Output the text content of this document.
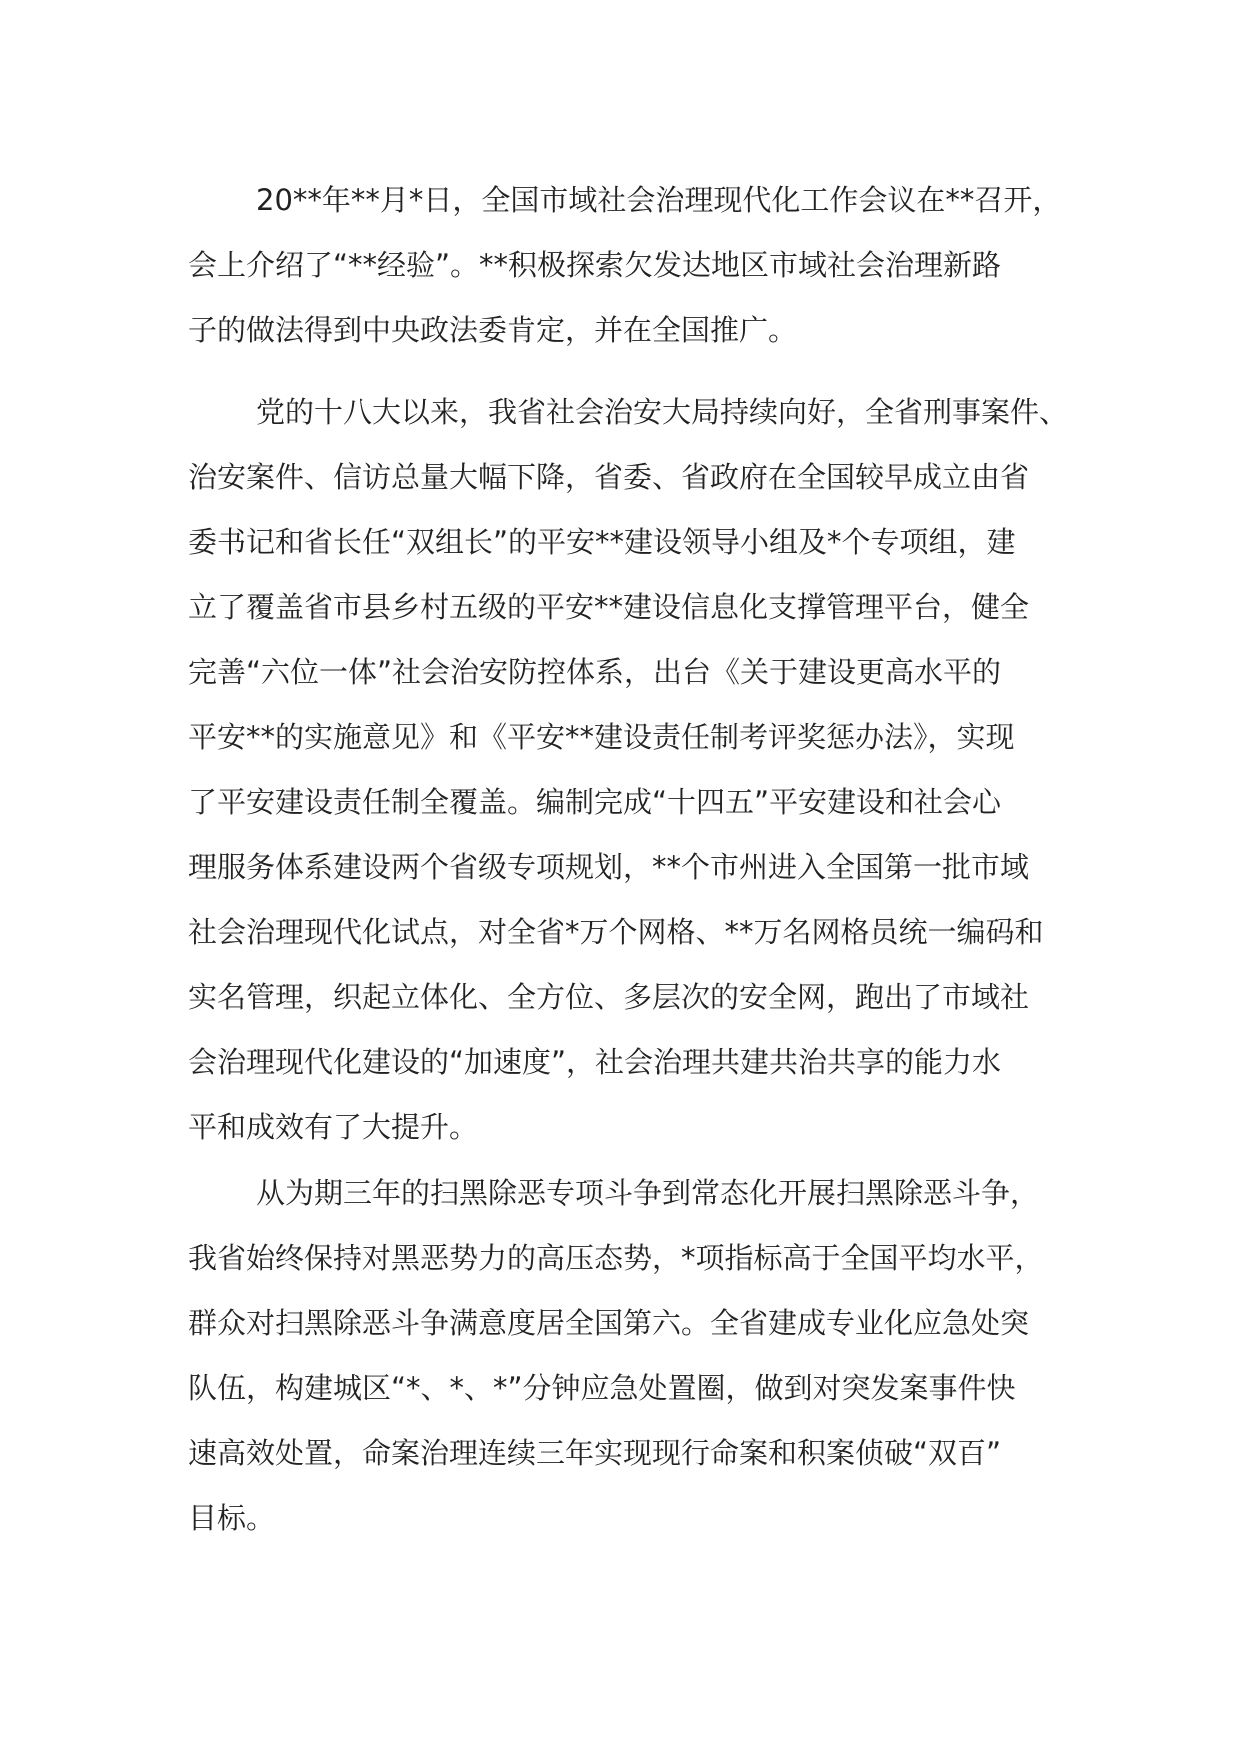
20**年**月*日，全国市域社会治理现代化工作会议在**召开，
会上介绍了“**经验”。**积极探索欠发达地区市域社会治理新路
子的做法得到中央政法委肯定，并在全国推广。
党的十八大以来，我省社会治安大局持续向好，全省刑事案件、
治安案件、信访总量大幅下降，省委、省政府在全国较早成立由省
委书记和省长任“双组长”的平安**建设领导小组及*个专项组，建
立了覆盖省市县乡村五级的平安**建设信息化支撑管理平台，健全
完善“六位一体”社会治安防控体系，出台《关于建设更高水平的
平安**的实施意见》和《平安**建设责任制考评奖惩办法》，实现
了平安建设责任制全覆盖。编制完成“十四五”平安建设和社会心
理服务体系建设两个省级专项规划，**个市州进入全国第一批市域
社会治理现代化试点，对全省*万个网格、**万名网格员统一编码和
实名管理，织起立体化、全方位、多层次的安全网，跑出了市域社
会治理现代化建设的“加速度”，社会治理共建共治共享的能力水
平和成效有了大提升。
从为期三年的扫黑除恶专项斗争到常态化开展扫黑除恶斗争，
我省始终保持对黑恶势力的高压态势，*项指标高于全国平均水平，
群众对扫黑除恶斗争满意度居全国第六。全省建成专业化应急处突
队伍，构建城区“*、*、*”分钟应急处置圈，做到对突发案事件快
速高效处置，命案治理连续三年实现现行命案和积案侦破“双百”
目标。
